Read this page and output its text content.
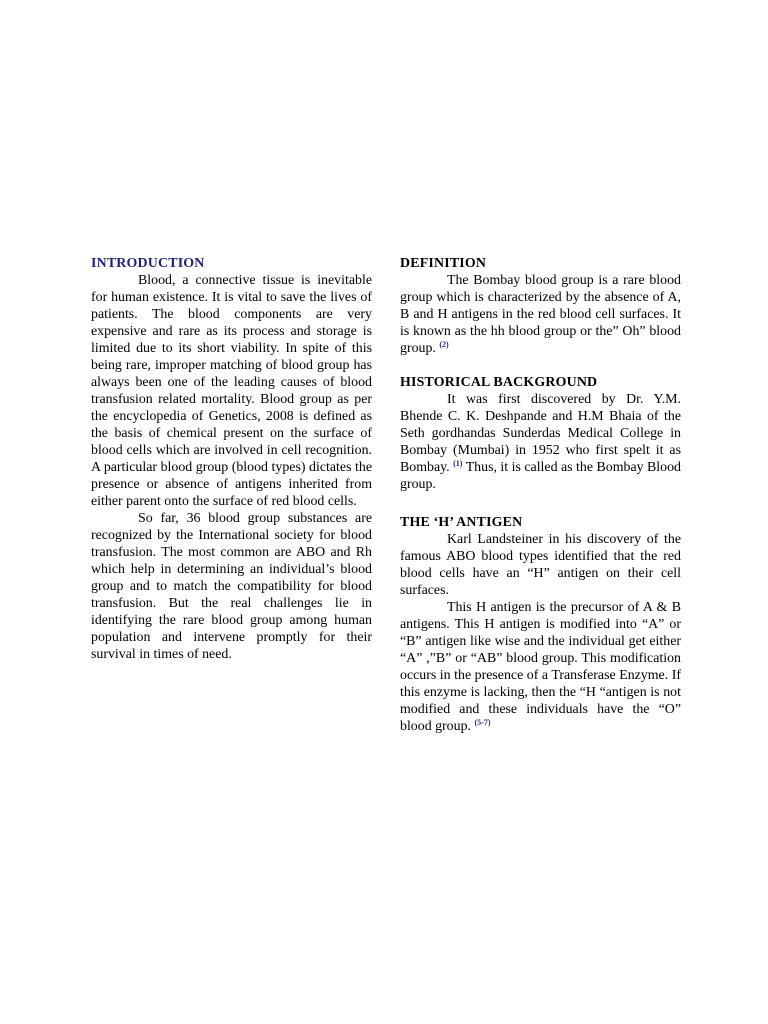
INTRODUCTION

Blood, a connective tissue is inevitable for human existence. It is vital to save the lives of patients. The blood components are very expensive and rare as its process and storage is limited due to its short viability. In spite of this being rare, improper matching of blood group has always been one of the leading causes of blood transfusion related mortality. Blood group as per the encyclopedia of Genetics, 2008 is defined as the basis of chemical present on the surface of blood cells which are involved in cell recognition. A particular blood group (blood types) dictates the presence or absence of antigens inherited from either parent onto the surface of red blood cells.

So far, 36 blood group substances are recognized by the International society for blood transfusion. The most common are ABO and Rh which help in determining an individual’s blood group and to match the compatibility for blood transfusion. But the real challenges lie in identifying the rare blood group among human population and intervene promptly for their survival in times of need.

DEFINITION

The Bombay blood group is a rare blood group which is characterized by the absence of A, B and H antigens in the red blood cell surfaces. It is known as the hh blood group or the” Oh” blood group. $^{(2)}$

HISTORICAL BACKGROUND

It was first discovered by Dr. Y.M. Bhende C. K. Deshpande and H.M Bhaia of the Seth gordhandas Sunderdas Medical College in Bombay (Mumbai) in 1952 who first spelt it as Bombay. $^{(1)}$ Thus, it is called as the Bombay Blood group.

THE ‘H’ ANTIGEN

Karl Landsteiner in his discovery of the famous ABO blood types identified that the red blood cells have an “H” antigen on their cell surfaces.

This H antigen is the precursor of A & B antigens. This H antigen is modified into “A” or “B” antigen like wise and the individual get either “A” ,”B” or “AB” blood group. This modification occurs in the presence of a Transferase Enzyme. If this enzyme is lacking, then the “H “antigen is not modified and these individuals have the “O” blood group. $^{(5-7)}$
